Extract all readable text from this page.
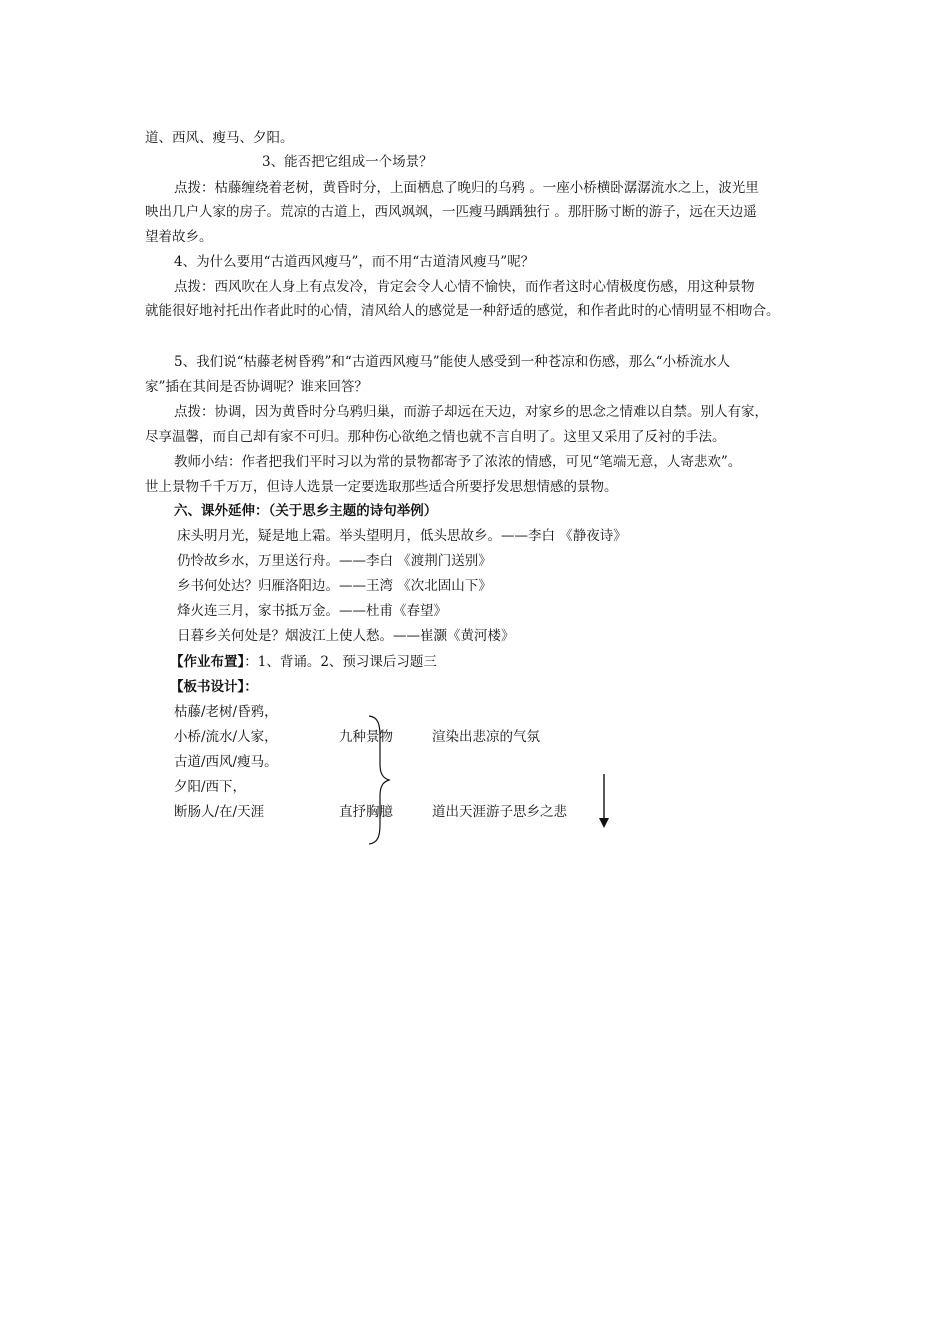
道、西风、瘦马、夕阳。
3、能否把它组成一个场景？
点拨：枯藤缠绕着老树，黄昏时分，上面栖息了晚归的乌鸦 。一座小桥横卧潺潺流水之上，波光里
映出几户人家的房子。荒凉的古道上，西风飒飒，一匹瘦马踽踽独行 。那肝肠寸断的游子，远在天边遥
望着故乡。
4、为什么要用“古道西风瘦马”，而不用“古道清风瘦马”呢？
点拨：西风吹在人身上有点发冷，肯定会令人心情不愉快，而作者这时心情极度伤感，用这种景物
就能很好地衬托出作者此时的心情，清风给人的感觉是一种舒适的感觉，和作者此时的心情明显不相吻合。
5、我们说“枯藤老树昏鸦”和“古道西风瘦马”能使人感受到一种苍凉和伤感，那么“小桥流水人
家”插在其间是否协调呢？谁来回答？
点拨：协调，因为黄昏时分乌鸦归巢，而游子却远在天边，对家乡的思念之情难以自禁。别人有家，
尽享温馨，而自己却有家不可归。那种伤心欲绝之情也就不言自明了。这里又采用了反衬的手法。
教师小结：作者把我们平时习以为常的景物都寄予了浓浓的情感，可见“笔端无意，人寄悲欢”。
世上景物千千万万，但诗人选景一定要选取那些适合所要抒发思想情感的景物。
六、课外延伸：（关于思乡主题的诗句举例）
床头明月光，疑是地上霜。举头望明月，低头思故乡。——李白 《静夜诗》
仍怜故乡水，万里送行舟。——李白 《渡荆门送别》
乡书何处达？归雁洛阳边。——王湾 《次北固山下》
烽火连三月，家书抵万金。——杜甫《春望》
日暮乡关何处是？烟波江上使人愁。——崔灏《黄河楼》
【作业布置】：1、背诵。2、预习课后习题三
【板书设计】：
枯藤/老树/昏鸦，
小桥/流水/人家，
古道/西风/瘦马。
夕阳/西下，
断肠人/在/天涯
九种景物	渲染出悲凉的气氛
直抒胸臆	道出天涯游子思乡之悲
